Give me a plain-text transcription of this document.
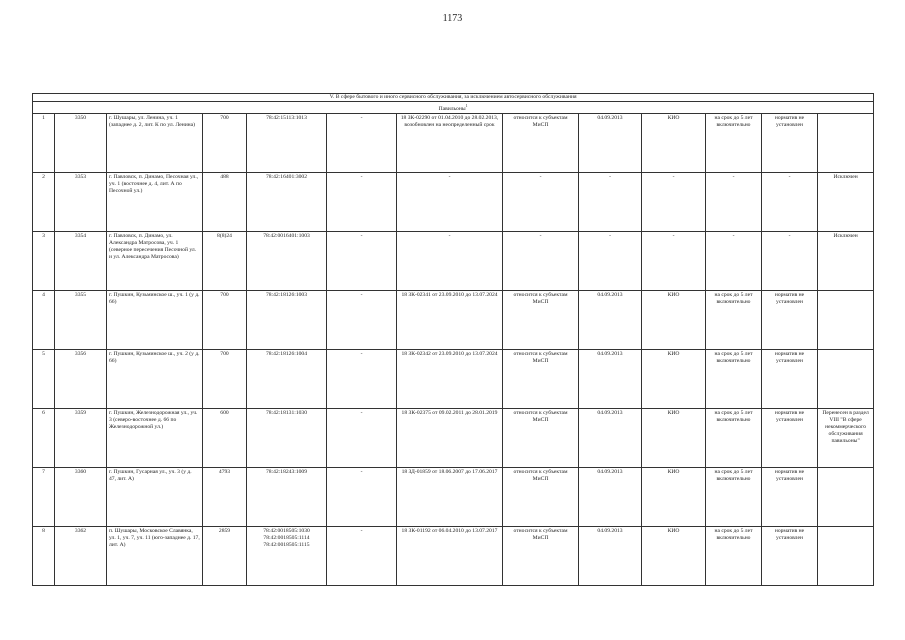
1173
V. В сфере бытового и иного сервисного обслуживания, за исключением автосервисного обслуживания												
Павильоны$^1$
1	3350	г. Шушары, ул. Ленина, уч. 1 (западнее д. 2, лит. К по ул. Ленина)	700	78:42:15113:1013	-	18 ЗК-02290 от 01.04.2010 до 28.02.2013, возобновлен на неопределенный срок	относится к субъектам МиСП	04.09.2013	КИО	на срок до 5 лет включительно	норматив не установлен	
2	3353	г. Павловск, п. Динамо, Песочная ул., уч. 1 (восточнее д. 4, лит. А по Песочной ул.)	488	78:42:16401:3002	-	-	-	-	-	-	-	Исключен
3	3354	г. Павловск, п. Динамо, ул. Александра Матросова, уч. 1 (северное пересечения Песочной ул. и ул. Александра Матросова)	8(8)24	78:42:0016401:1003	-	-	-	-	-	-	-	Исключен
4	3355	г. Пушкин, Кузьминское ш., уч. 1 (у д. 66)	700	78:42:18126:1003	-	18 ЗК-02341 от 23.09.2010 до 13.07.2024	относится к субъектам МиСП	04.09.2013	КИО	на срок до 5 лет включительно	норматив не установлен	
5	3356	г. Пушкин, Кузьминское ш., уч. 2 (у д. 66)	700	78:42:18126:1004	-	18 ЗК-02342 от 23.09.2010 до 13.07.2024	относится к субъектам МиСП	04.09.2013	КИО	на срок до 5 лет включительно	норматив не установлен	
6	3359	г. Пушкин, Железнодорожная ул., уч. 3 (северо-восточнее д. 66 по Железнодорожной ул.)	600	78:42:18131:1030	-	18 ЗК-02375 от 09.02.2011 до 28.01.2019	относится к субъектам МиСП	04.09.2013	КИО	на срок до 5 лет включительно	норматив не установлен	Перенесен в раздел VIII "В сфере некоммерческого обслуживания павильоны"
7	3360	г. Пушкин, Гусарная ул., уч. 3 (у д. 47, лит. А)	4793	78:42:18243:1009	-	18 ЗД-01859 от 18.06.2007 до 17.06.2017	относится к субъектам МиСП	04.09.2013	КИО	на срок до 5 лет включительно	норматив не установлен	
8	3362	п. Шушары, Московское Славянка, ул. 1, уч. 7, уч. 11 (юго-западнее д. 17, лит. А)	2859	78:42:0018505:1030
78:42:0018505:1114
78:42:0018505:1115	-	18 ЗК-01192 от 06.04.2010 до 13.07.2017	относится к субъектам МиСП	04.09.2013	КИО	на срок до 5 лет включительно	норматив не установлен	
